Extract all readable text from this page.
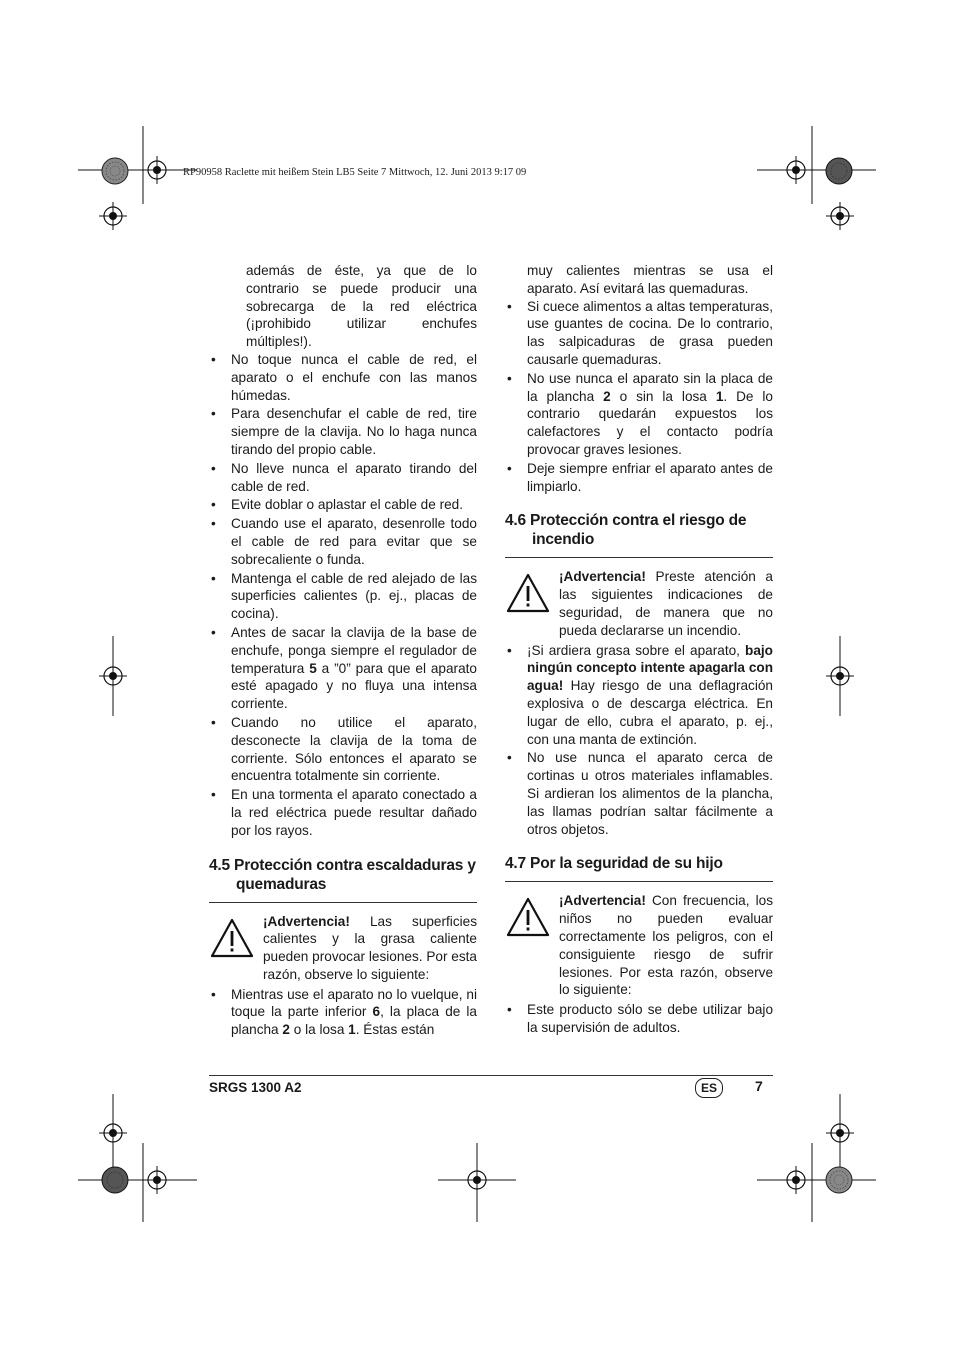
RP90958 Raclette mit heißem Stein LB5 Seite 7 Mittwoch, 12. Juni 2013 9:17 09

además de éste, ya que de lo contrario se puede producir una sobrecarga de la red eléctrica (¡prohibido utilizar enchufes múltiples!).

• No toque nunca el cable de red, el aparato o el enchufe con las manos húmedas.
• Para desenchufar el cable de red, tire siempre de la clavija. No lo haga nunca tirando del propio cable.
• No lleve nunca el aparato tirando del cable de red.
• Evite doblar o aplastar el cable de red.
• Cuando use el aparato, desenrolle todo el cable de red para evitar que se sobrecaliente o funda.
• Mantenga el cable de red alejado de las superficies calientes (p. ej., placas de cocina).
• Antes de sacar la clavija de la base de enchufe, ponga siempre el regulador de temperatura 5 a ”0” para que el aparato esté apagado y no fluya una intensa corriente.
• Cuando no utilice el aparato, desconecte la clavija de la toma de corriente. Sólo entonces el aparato se encuentra totalmente sin corriente.
• En una tormenta el aparato conectado a la red eléctrica puede resultar dañado por los rayos.
4.5 Protección contra escaldaduras y quemaduras
¡Advertencia! Las superficies calientes y la grasa caliente pueden provocar lesiones. Por esta razón, observe lo siguiente:
• Mientras use el aparato no lo vuelque, ni toque la parte inferior 6, la placa de la plancha 2 o la losa 1. Éstas están

muy calientes mientras se usa el aparato. Así evitará las quemaduras.

• Si cuece alimentos a altas temperaturas, use guantes de cocina. De lo contrario, las salpicaduras de grasa pueden causarle quemaduras.
• No use nunca el aparato sin la placa de la plancha 2 o sin la losa 1. De lo contrario quedarán expuestos los calefactores y el contacto podría provocar graves lesiones.
• Deje siempre enfriar el aparato antes de limpiarlo.
4.6 Protección contra el riesgo de incendio
¡Advertencia! Preste atención a las siguientes indicaciones de seguridad, de manera que no pueda declararse un incendio.
• ¡Si ardiera grasa sobre el aparato, bajo ningún concepto intente apagarla con agua! Hay riesgo de una deflagración explosiva o de descarga eléctrica. En lugar de ello, cubra el aparato, p. ej., con una manta de extinción.
• No use nunca el aparato cerca de cortinas u otros materiales inflamables. Si ardieran los alimentos de la plancha, las llamas podrían saltar fácilmente a otros objetos.
4.7 Por la seguridad de su hijo
¡Advertencia! Con frecuencia, los niños no pueden evaluar correctamente los peligros, con el consiguiente riesgo de sufrir lesiones. Por esta razón, observe lo siguiente:
• Este producto sólo se debe utilizar bajo la supervisión de adultos.
SRGS 1300 A2	ES	7
